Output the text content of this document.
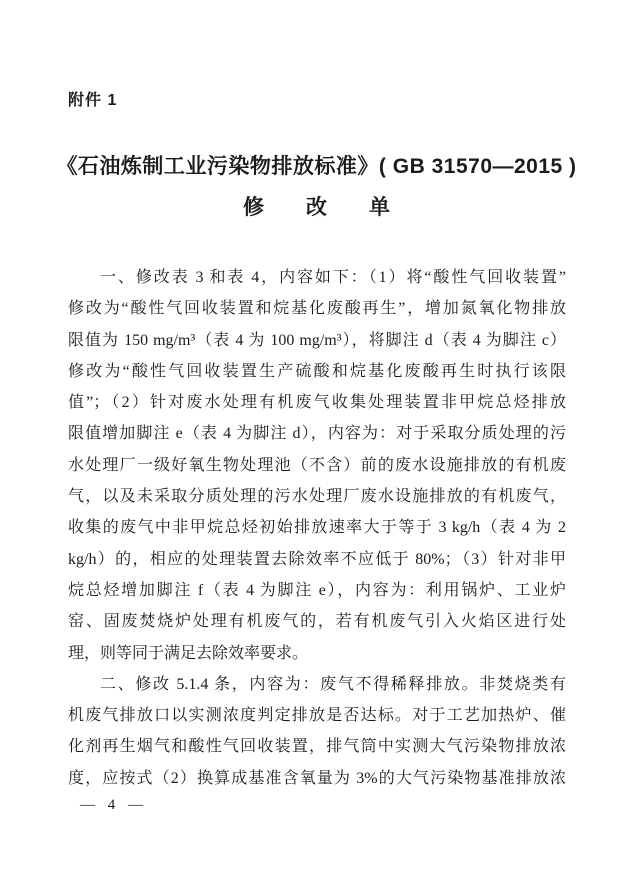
附件 1
《石油炼制工业污染物排放标准》( GB 31570—2015 )
修　　改　　单
一、修改表 3 和表 4，内容如下：（1）将“酸性气回收装置”
修改为“酸性气回收装置和烷基化废酸再生”，增加氮氧化物排放
限值为 150 mg/m³（表 4 为 100 mg/m³），将脚注 d（表 4 为脚注 c）
修改为“酸性气回收装置生产硫酸和烷基化废酸再生时执行该限
值”；（2）针对废水处理有机废气收集处理装置非甲烷总烃排放
限值增加脚注 e（表 4 为脚注 d），内容为：对于采取分质处理的污
水处理厂一级好氧生物处理池（不含）前的废水设施排放的有机废
气，以及未采取分质处理的污水处理厂废水设施排放的有机废气，
收集的废气中非甲烷总烃初始排放速率大于等于 3 kg/h（表 4 为 2
kg/h）的，相应的处理装置去除效率不应低于 80%；（3）针对非甲
烷总烃增加脚注 f（表 4 为脚注 e），内容为：利用锅炉、工业炉
窑、固废焚烧炉处理有机废气的，若有机废气引入火焰区进行处
理，则等同于满足去除效率要求。
二、修改 5.1.4 条，内容为：废气不得稀释排放。非焚烧类有
机废气排放口以实测浓度判定排放是否达标。对于工艺加热炉、催
化剂再生烟气和酸性气回收装置，排气筒中实测大气污染物排放浓
度，应按式（2）换算成基准含氧量为 3%的大气污染物基准排放浓
— 4 —
